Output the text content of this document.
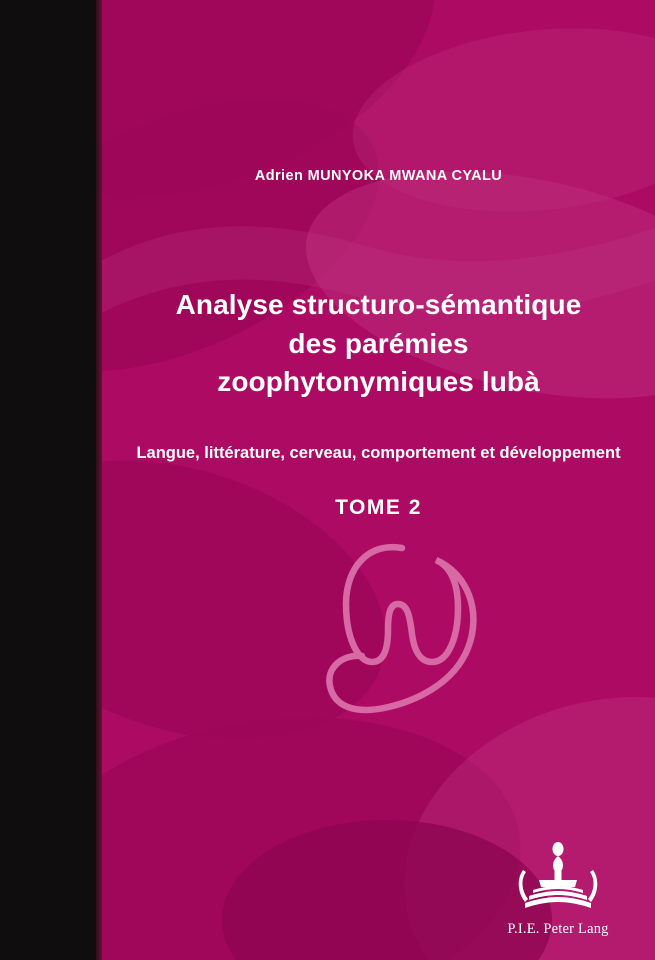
Adrien MUNYOKA MWANA CYALU
Analyse structuro-sémantique
des parémies
zoophytonymiques lubà
Langue, littérature, cerveau, comportement et développement
TOME 2
P.I.E. Peter Lang
